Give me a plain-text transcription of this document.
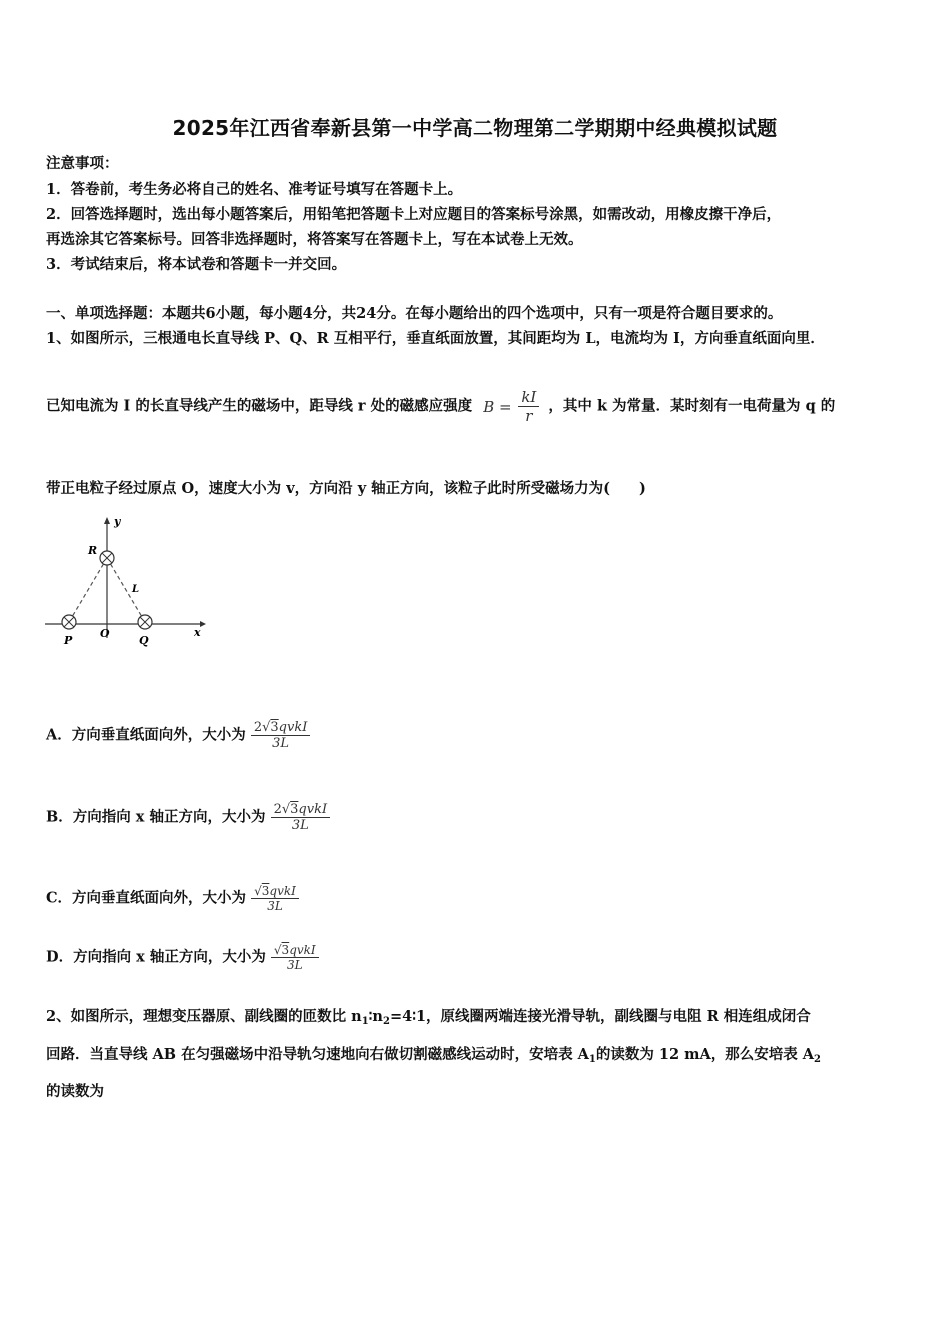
2025年江西省奉新县第一中学高二物理第二学期期中经典模拟试题
注意事项：
1．答卷前，考生务必将自己的姓名、准考证号填写在答题卡上。
2．回答选择题时，选出每小题答案后，用铅笔把答题卡上对应题目的答案标号涂黑，如需改动，用橡皮擦干净后，
再选涂其它答案标号。回答非选择题时，将答案写在答题卡上，写在本试卷上无效。
3．考试结束后，将本试卷和答题卡一并交回。
一、单项选择题：本题共6小题，每小题4分，共24分。在每小题给出的四个选项中，只有一项是符合题目要求的。
1、如图所示，三根通电长直导线 P、Q、R 互相平行，垂直纸面放置，其间距均为 L，电流均为 I，方向垂直纸面向里．
已知电流为 I 的长直导线产生的磁场中，距导线 r 处的磁感应强度 $B = \frac{kI}{r}$ ，其中 k 为常量．某时刻有一电荷量为 q 的
带正电粒子经过原点 O，速度大小为 v，方向沿 y 轴正方向，该粒子此时所受磁场力为(　　)
y
x
R
L
P
O
Q
A．方向垂直纸面向外，大小为 $\frac{\text{2√3qvkI}}{3L}$
B．方向指向 x 轴正方向，大小为 $\frac{\text{2√3qvkI}}{3L}$
C．方向垂直纸面向外，大小为 $\frac{\text{√3qvkI}}{3L}$
D．方向指向 x 轴正方向，大小为 $\frac{\text{√3qvkI}}{3L}$
2、如图所示，理想变压器原、副线圈的匝数比 $n_1∶n_2=4∶1$，原线圈两端连接光滑导轨，副线圈与电阻 R 相连组成闭合
回路．当直导线 AB 在匀强磁场中沿导轨匀速地向右做切割磁感线运动时，安培表 $A_1$的读数为 12 mA，那么安培表 $A_2$
的读数为
